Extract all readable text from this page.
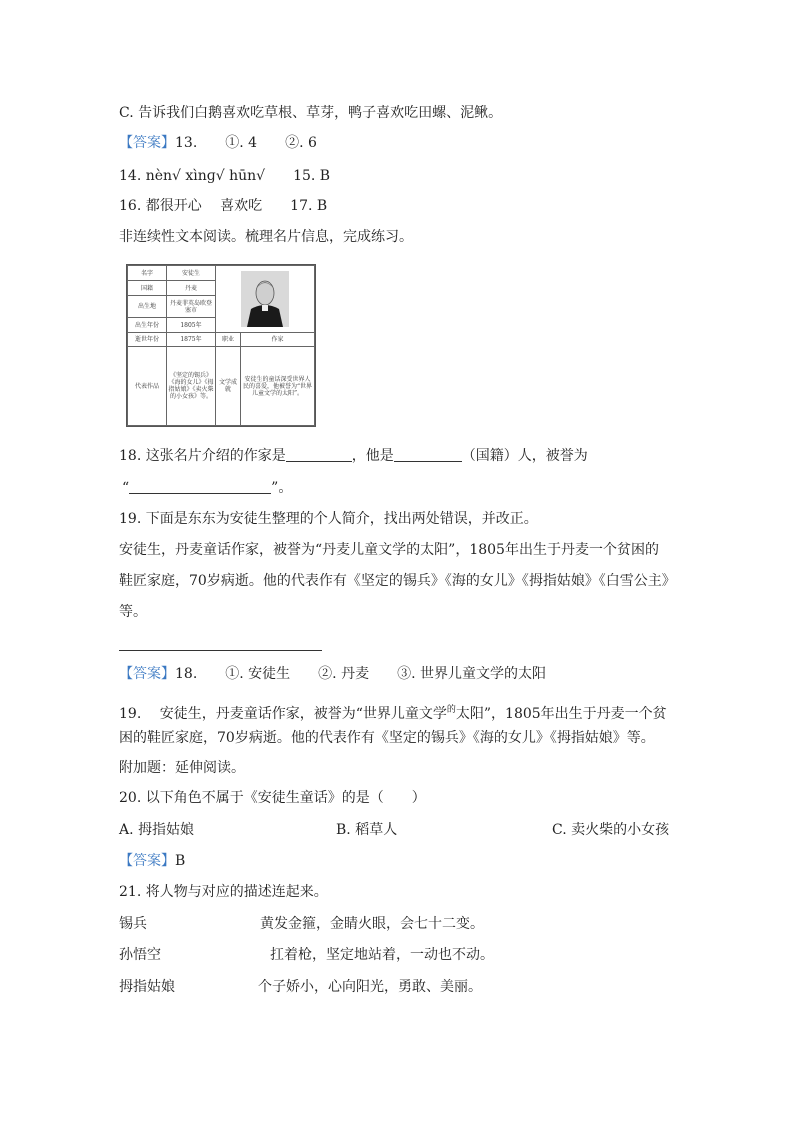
C. 告诉我们白鹅喜欢吃草根、草芽，鸭子喜欢吃田螺、泥鳅。
【答案】13.　　①. 4　　②. 6
14. nèn√ xìnɡ√ hūn√　　15. B
16. 都很开心　 喜欢吃　　17. B
非连续性文本阅读。梳理名片信息，完成练习。
名字	安徒生	

国籍	丹麦		
出生地	丹麦菲英岛欧登塞市		
出生年份	1805年		
逝世年份	1875年	职业	作家
代表作品	《坚定的锡兵》《海的女儿》《拇指姑娘》《卖火柴的小女孩》等。	文学成就	安徒生的童话深受世界人民的喜爱，他被誉为“世界儿童文学的太阳”。
18. 这张名片介绍的作家是	，他是	（国籍）人，被誉为
“	”。
19. 下面是东东为安徒生整理的个人简介，找出两处错误，并改正。
安徒生，丹麦童话作家，被誉为“丹麦儿童文学的太阳”，1805年出生于丹麦一个贫困的
鞋匠家庭，70岁病逝。他的代表作有《坚定的锡兵》《海的女儿》《拇指姑娘》《白雪公主》
等。
【答案】18.　　①. 安徒生　　②. 丹麦　　③. 世界儿童文学的太阳
19.　 安徒生，丹麦童话作家，被誉为“世界儿童文学$^的$太阳”，1805年出生于丹麦一个贫
困的鞋匠家庭，70岁病逝。他的代表作有《坚定的锡兵》《海的女儿》《拇指姑娘》等。
附加题：延伸阅读。
20. 以下角色不属于《安徒生童话》的是（　　）
A. 拇指姑娘	B. 稻草人	C. 卖火柴的小女孩
【答案】B
21. 将人物与对应的描述连起来。
锡兵	黄发金箍，金睛火眼，会七十二变。
孙悟空	扛着枪，坚定地站着，一动也不动。
拇指姑娘	个子娇小，心向阳光，勇敢、美丽。
